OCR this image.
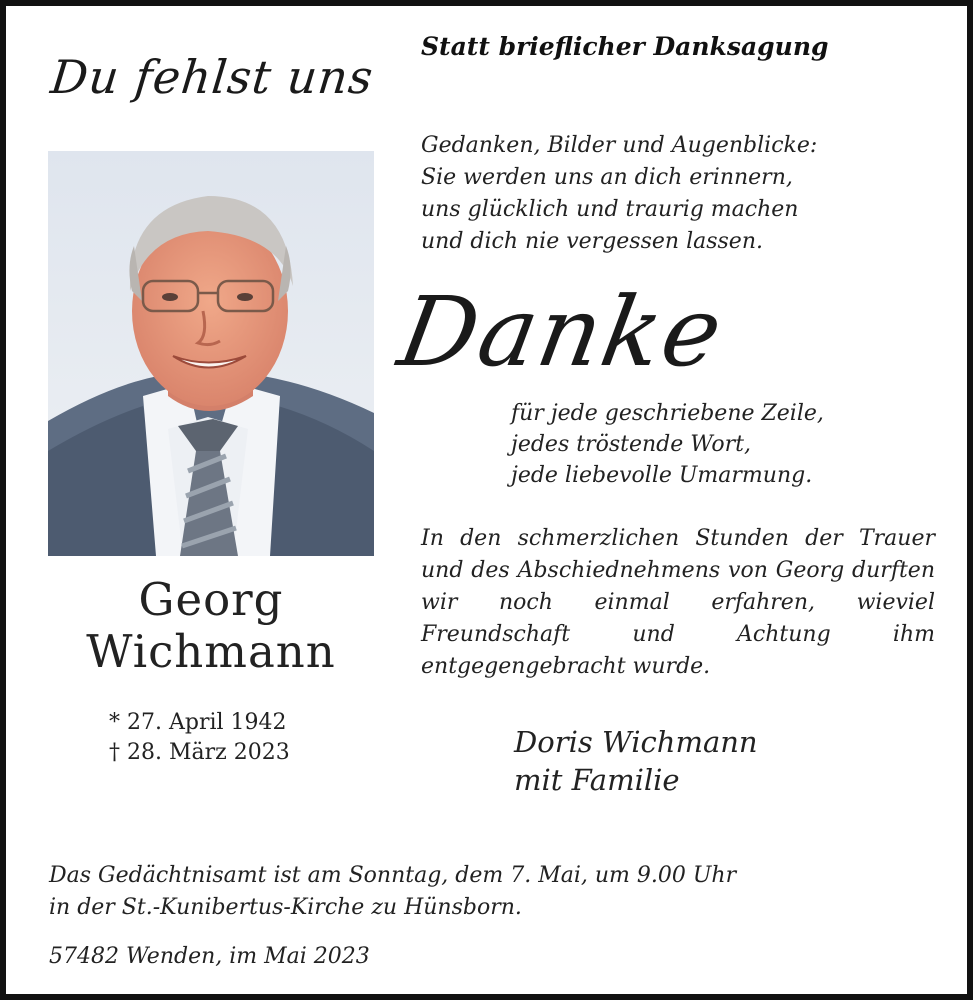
Du fehlst uns
Statt brieflicher Danksagung
Georg
Wichmann
* 27. April 1942
† 28. März 2023
Gedanken, Bilder und Augenblicke:
Sie werden uns an dich erinnern,
uns glücklich und traurig machen
und dich nie vergessen lassen.
Danke
für jede geschriebene Zeile,
jedes tröstende Wort,
jede liebevolle Umarmung.
In den schmerzlichen Stunden der Trauer und des Abschiednehmens von Georg durften wir noch einmal erfahren, wieviel Freundschaft und Achtung ihm entgegengebracht wurde.
Doris Wichmann
mit Familie
Das Gedächtnisamt ist am Sonntag, dem 7. Mai, um 9.00 Uhr
in der St.-Kunibertus-Kirche zu Hünsborn.
57482 Wenden, im Mai 2023
